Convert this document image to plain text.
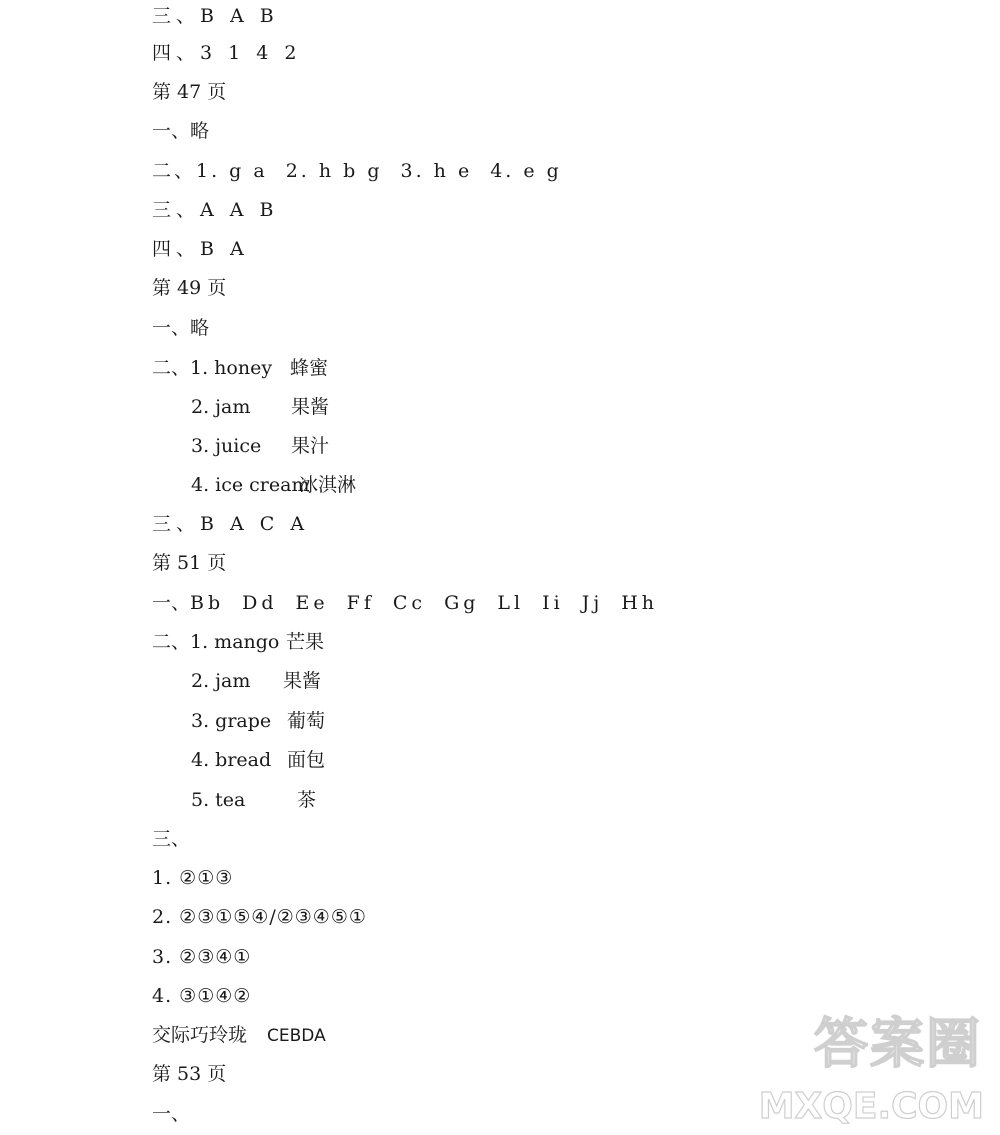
三、B A B
四、3 1 4 2
第 47 页
一、略
二、1. g a 2. h b g 3. h e 4. e g
三、A A B
四、B A
第 49 页
一、略
二、1. honey 蜂蜜
2. jam 果酱
3. juice 果汁
4. ice cream冰淇淋
三、B A C A
第 51 页
一、Bb Dd Ee Ff Cc Gg Ll Ii Jj Hh
二、1. mango 芒果
2. jam 果酱
3. grape 葡萄
4. bread 面包
5. tea	茶
三、
1. ②①③
2. ②③①⑤④/②③④⑤①
3. ②③④①
4. ③①④②
交际巧玲珑 CEBDA
第 53 页
一、
答案圈
MXQE.COM
